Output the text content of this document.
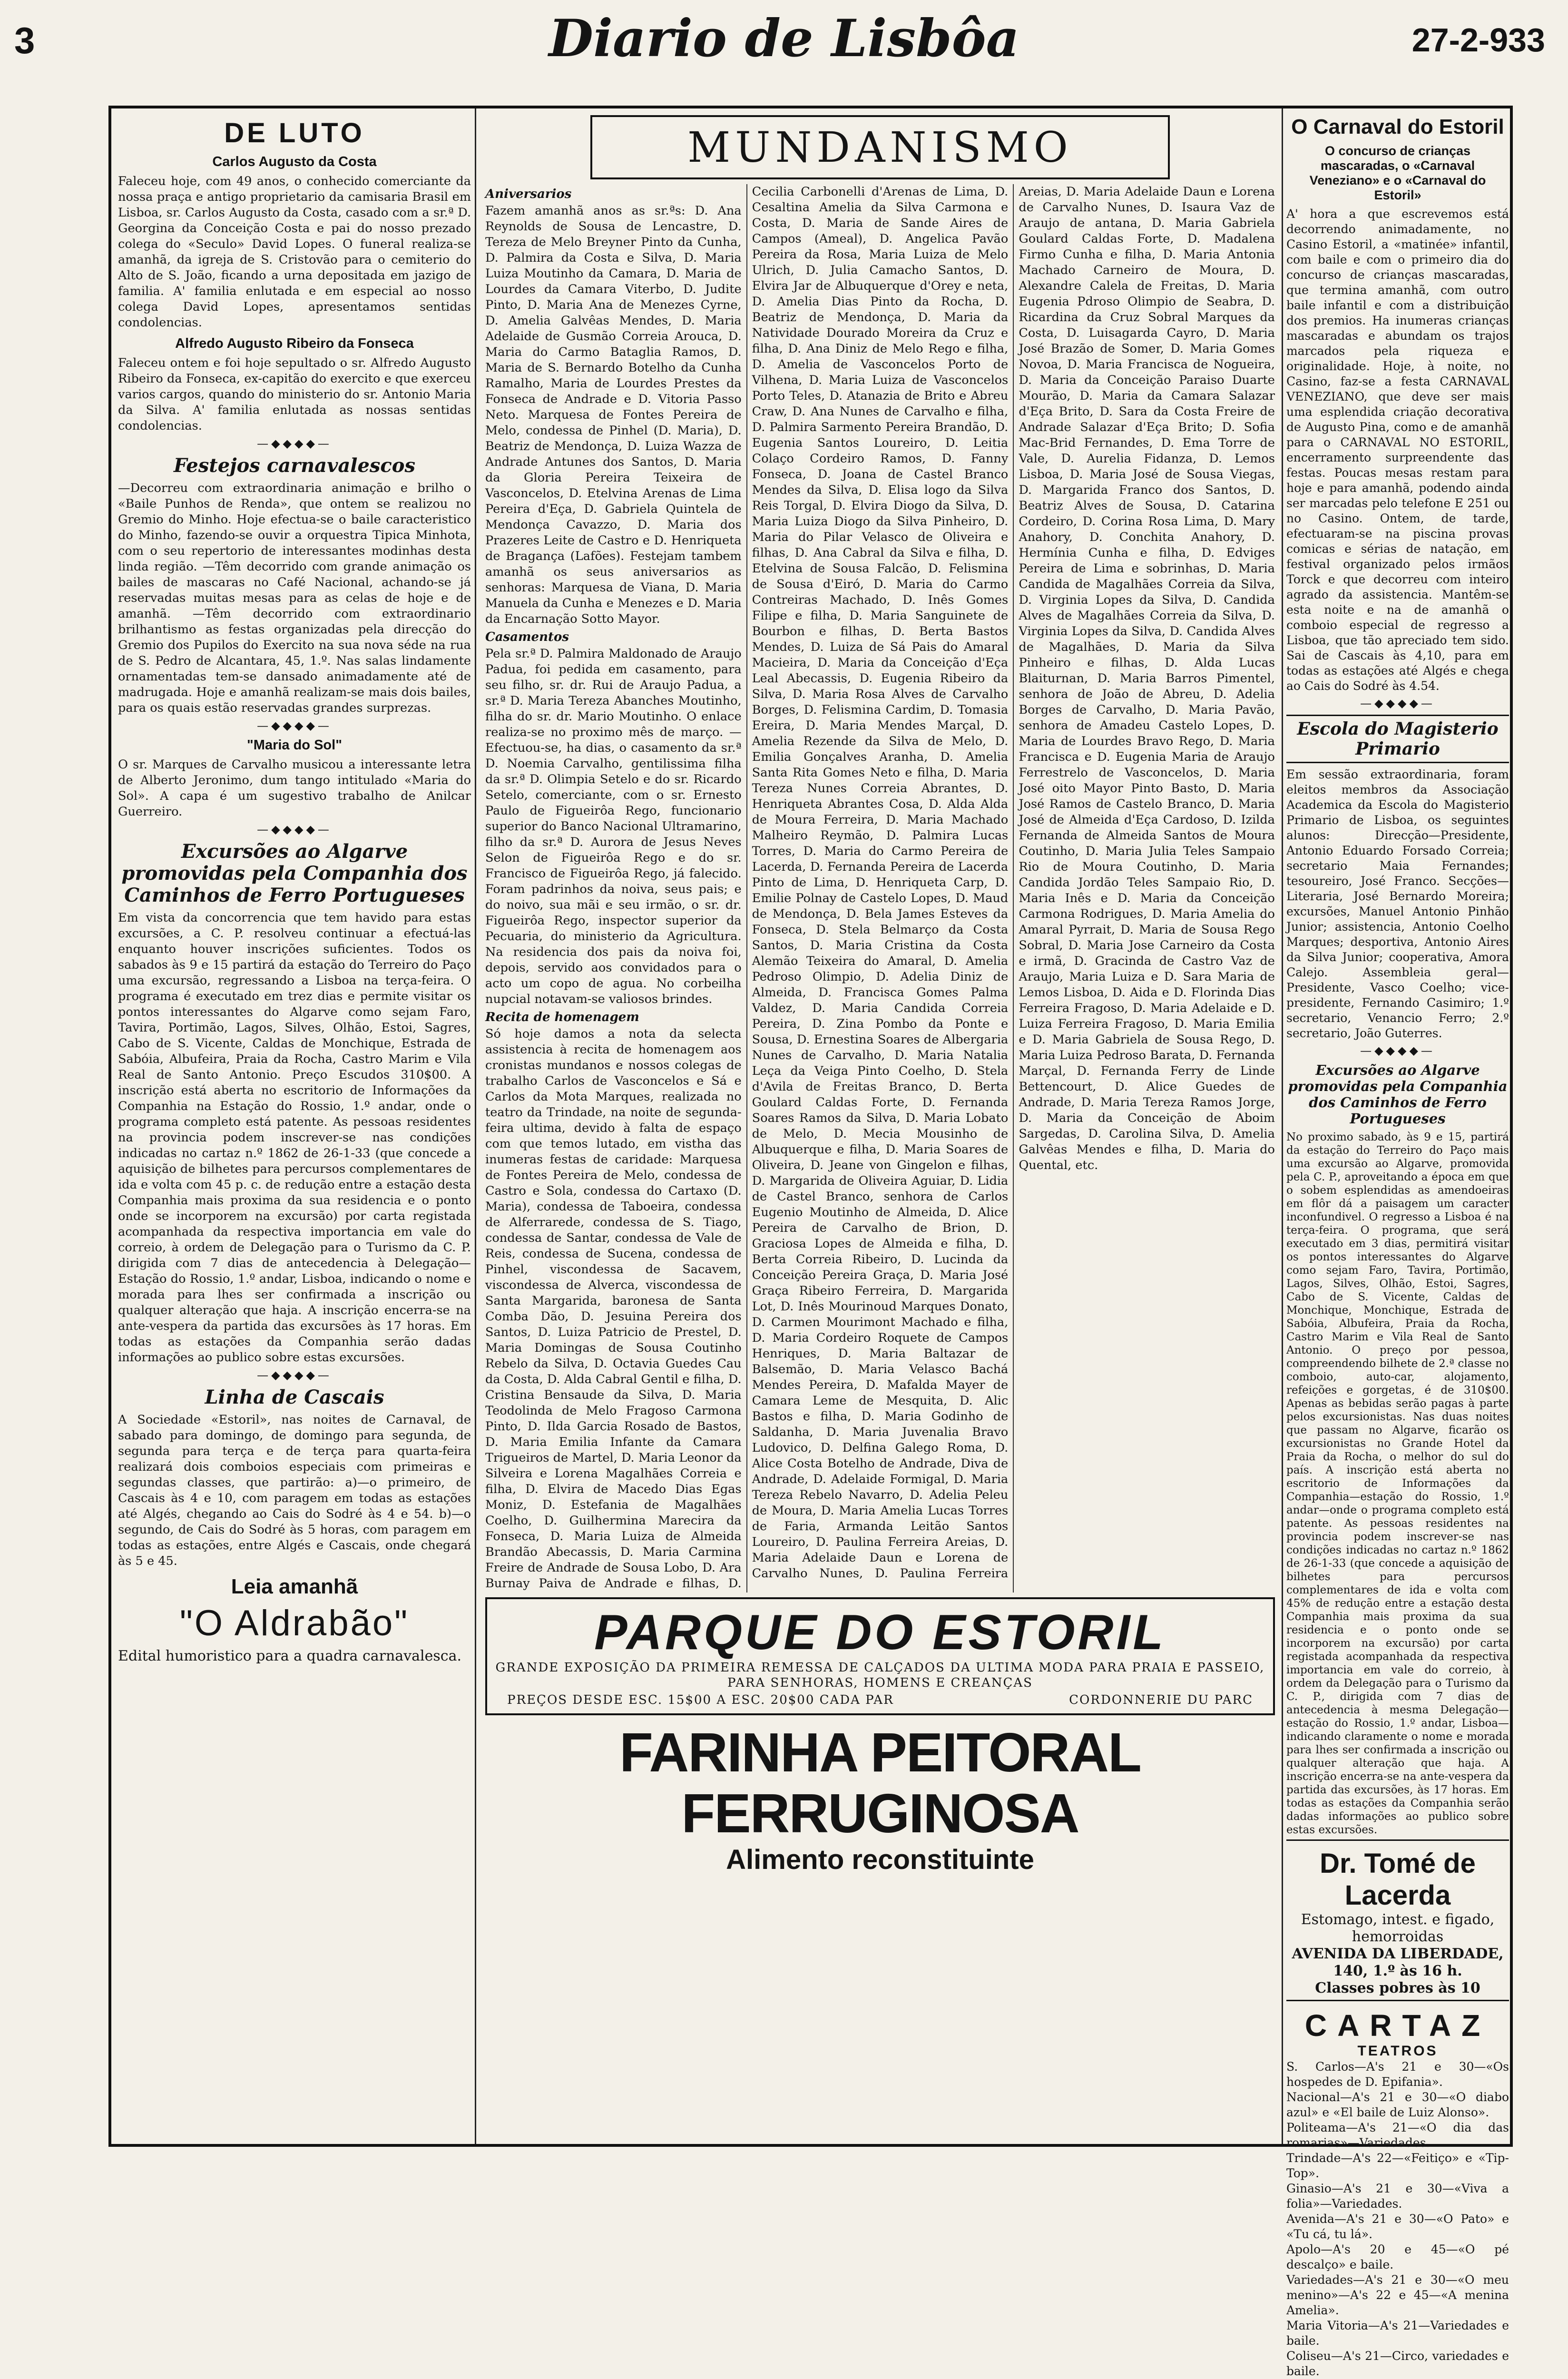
3	Diario de Lisbôa	27-2-933
DE LUTO
Carlos Augusto da Costa

Faleceu hoje, com 49 anos, o conhecido comerciante da nossa praça e antigo proprietario da camisaria Brasil em Lisboa, sr. Carlos Augusto da Costa, casado com a sr.ª D. Georgina da Conceição Costa e pai do nosso prezado colega do «Seculo» David Lopes. O funeral realiza-se amanhã, da igreja de S. Cristovão para o cemiterio do Alto de S. João, ficando a urna depositada em jazigo de familia. A' familia enlutada e em especial ao nosso colega David Lopes, apresentamos sentidas condolencias.

Alfredo Augusto Ribeiro da Fonseca

Faleceu ontem e foi hoje sepultado o sr. Alfredo Augusto Ribeiro da Fonseca, ex-capitão do exercito e que exerceu varios cargos, quando do ministerio do sr. Antonio Maria da Silva. A' familia enlutada as nossas sentidas condolencias.

—◆◆◆◆—
Festejos carnavalescos

—Decorreu com extraordinaria animação e brilho o «Baile Punhos de Renda», que ontem se realizou no Gremio do Minho. Hoje efectua-se o baile caracteristico do Minho, fazendo-se ouvir a orquestra Tipica Minhota, com o seu repertorio de interessantes modinhas desta linda região. —Têm decorrido com grande animação os bailes de mascaras no Café Nacional, achando-se já reservadas muitas mesas para as celas de hoje e de amanhã. —Têm decorrido com extraordinario brilhantismo as festas organizadas pela direcção do Gremio dos Pupilos do Exercito na sua nova séde na rua de S. Pedro de Alcantara, 45, 1.º. Nas salas lindamente ornamentadas tem-se dansado animadamente até de madrugada. Hoje e amanhã realizam-se mais dois bailes, para os quais estão reservadas grandes surprezas.

—◆◆◆◆—
"Maria do Sol"

O sr. Marques de Carvalho musicou a interessante letra de Alberto Jeronimo, dum tango intitulado «Maria do Sol». A capa é um sugestivo trabalho de Anilcar Guerreiro.

—◆◆◆◆—
Excursões ao Algarve promovidas pela Companhia dos Caminhos de Ferro Portugueses

Em vista da concorrencia que tem havido para estas excursões, a C. P. resolveu continuar a efectuá-las enquanto houver inscrições suficientes. Todos os sabados às 9 e 15 partirá da estação do Terreiro do Paço uma excursão, regressando a Lisboa na terça-feira. O programa é executado em trez dias e permite visitar os pontos interessantes do Algarve como sejam Faro, Tavira, Portimão, Lagos, Silves, Olhão, Estoi, Sagres, Cabo de S. Vicente, Caldas de Monchique, Estrada de Sabóia, Albufeira, Praia da Rocha, Castro Marim e Vila Real de Santo Antonio. Preço Escudos 310$00. A inscrição está aberta no escritorio de Informações da Companhia na Estação do Rossio, 1.º andar, onde o programa completo está patente. As pessoas residentes na provincia podem inscrever-se nas condições indicadas no cartaz n.º 1862 de 26-1-33 (que concede a aquisição de bilhetes para percursos complementares de ida e volta com 45 p. c. de redução entre a estação desta Companhia mais proxima da sua residencia e o ponto onde se incorporem na excursão) por carta registada acompanhada da respectiva importancia em vale do correio, à ordem de Delegação para o Turismo da C. P. dirigida com 7 dias de antecedencia à Delegação—Estação do Rossio, 1.º andar, Lisboa, indicando o nome e morada para lhes ser confirmada a inscrição ou qualquer alteração que haja. A inscrição encerra-se na ante-vespera da partida das excursões às 17 horas. Em todas as estações da Companhia serão dadas informações ao publico sobre estas excursões.

—◆◆◆◆—
Linha de Cascais

A Sociedade «Estoril», nas noites de Carnaval, de sabado para domingo, de domingo para segunda, de segunda para terça e de terça para quarta-feira realizará dois comboios especiais com primeiras e segundas classes, que partirão: a)—o primeiro, de Cascais às 4 e 10, com paragem em todas as estações até Algés, chegando ao Cais do Sodré às 4 e 54. b)—o segundo, de Cais do Sodré às 5 horas, com paragem em todas as estações, entre Algés e Cascais, onde chegará às 5 e 45.

Leia amanhã
"O Aldrabão"

Edital humoristico para a quadra carnavalesca.

MUNDANISMO
Aniversarios

Fazem amanhã anos as sr.ªs: D. Ana Reynolds de Sousa de Lencastre, D. Tereza de Melo Breyner Pinto da Cunha, D. Palmira da Costa e Silva, D. Maria Luiza Moutinho da Camara, D. Maria de Lourdes da Camara Viterbo, D. Judite Pinto, D. Maria Ana de Menezes Cyrne, D. Amelia Galvêas Mendes, D. Maria Adelaide de Gusmão Correia Arouca, D. Maria do Carmo Bataglia Ramos, D. Maria de S. Bernardo Botelho da Cunha Ramalho, Maria de Lourdes Prestes da Fonseca de Andrade e D. Vitoria Passo Neto. Marquesa de Fontes Pereira de Melo, condessa de Pinhel (D. Maria), D. Beatriz de Mendonça, D. Luiza Wazza de Andrade Antunes dos Santos, D. Maria da Gloria Pereira Teixeira de Vasconcelos, D. Etelvina Arenas de Lima Pereira d'Eça, D. Gabriela Quintela de Mendonça Cavazzo, D. Maria dos Prazeres Leite de Castro e D. Henriqueta de Bragança (Lafões). Festejam tambem amanhã os seus aniversarios as senhoras: Marquesa de Viana, D. Maria Manuela da Cunha e Menezes e D. Maria da Encarnação Sotto Mayor.

Casamentos

Pela sr.ª D. Palmira Maldonado de Araujo Padua, foi pedida em casamento, para seu filho, sr. dr. Rui de Araujo Padua, a sr.ª D. Maria Tereza Abanches Moutinho, filha do sr. dr. Mario Moutinho. O enlace realiza-se no proximo mês de março. —Efectuou-se, ha dias, o casamento da sr.ª D. Noemia Carvalho, gentilissima filha da sr.ª D. Olimpia Setelo e do sr. Ricardo Setelo, comerciante, com o sr. Ernesto Paulo de Figueirôa Rego, funcionario superior do Banco Nacional Ultramarino, filho da sr.ª D. Aurora de Jesus Neves Selon de Figueirôa Rego e do sr. Francisco de Figueirôa Rego, já falecido. Foram padrinhos da noiva, seus pais; e do noivo, sua mãi e seu irmão, o sr. dr. Figueirôa Rego, inspector superior da Pecuaria, do ministerio da Agricultura. Na residencia dos pais da noiva foi, depois, servido aos convidados para o acto um copo de agua. No corbeilha nupcial notavam-se valiosos brindes.

Recita de homenagem

Só hoje damos a nota da selecta assistencia à recita de homenagem aos cronistas mundanos e nossos colegas de trabalho Carlos de Vasconcelos e Sá e Carlos da Mota Marques, realizada no teatro da Trindade, na noite de segunda-feira ultima, devido à falta de espaço com que temos lutado, em vistha das inumeras festas de caridade: Marquesa de Fontes Pereira de Melo, condessa de Castro e Sola, condessa do Cartaxo (D. Maria), condessa de Taboeira, condessa de Alferrarede, condessa de S. Tiago, condessa de Santar, condessa de Vale de Reis, condessa de Sucena, condessa de Pinhel, viscondessa de Sacavem, viscondessa de Alverca, viscondessa de Santa Margarida, baronesa de Santa Comba Dão, D. Jesuina Pereira dos Santos, D. Luiza Patricio de Prestel, D. Maria Domingas de Sousa Coutinho Rebelo da Silva, D. Octavia Guedes Cau da Costa, D. Alda Cabral Gentil e filha, D. Cristina Bensaude da Silva, D. Maria Teodolinda de Melo Fragoso Carmona Pinto, D. Ilda Garcia Rosado de Bastos, D. Maria Emilia Infante da Camara Trigueiros de Martel, D. Maria Leonor da Silveira e Lorena Magalhães Correia e filha, D. Elvira de Macedo Dias Egas Moniz, D. Estefania de Magalhães Coelho, D. Guilhermina Marecira da Fonseca, D. Maria Luiza de Almeida Brandão Abecassis, D. Maria Carmina Freire de Andrade de Sousa Lobo, D. Ara Burnay Paiva de Andrade e filhas, D. Cecilia Carbonelli d'Arenas de Lima, D. Cesaltina Amelia da Silva Carmona e Costa, D. Maria de Sande Aires de Campos (Ameal), D. Angelica Pavão Pereira da Rosa, Maria Luiza de Melo Ulrich, D. Julia Camacho Santos, D. Elvira Jar de Albuquerque d'Orey e neta, D. Amelia Dias Pinto da Rocha, D. Beatriz de Mendonça, D. Maria da Natividade Dourado Moreira da Cruz e filha, D. Ana Diniz de Melo Rego e filha, D. Amelia de Vasconcelos Porto de Vilhena, D. Maria Luiza de Vasconcelos Porto Teles, D. Atanazia de Brito e Abreu Craw, D. Ana Nunes de Carvalho e filha, D. Palmira Sarmento Pereira Brandão, D. Eugenia Santos Loureiro, D. Leitia Colaço Cordeiro Ramos, D. Fanny Fonseca, D. Joana de Castel Branco Mendes da Silva, D. Elisa logo da Silva Reis Torgal, D. Elvira Diogo da Silva, D. Maria Luiza Diogo da Silva Pinheiro, D. Maria do Pilar Velasco de Oliveira e filhas, D. Ana Cabral da Silva e filha, D. Etelvina de Sousa Falcão, D. Felismina de Sousa d'Eiró, D. Maria do Carmo Contreiras Machado, D. Inês Gomes Filipe e filha, D. Maria Sanguinete de Bourbon e filhas, D. Berta Bastos Mendes, D. Luiza de Sá Pais do Amaral Macieira, D. Maria da Conceição d'Eça Leal Abecassis, D. Eugenia Ribeiro da Silva, D. Maria Rosa Alves de Carvalho Borges, D. Felismina Cardim, D. Tomasia Ereira, D. Maria Mendes Marçal, D. Amelia Rezende da Silva de Melo, D. Emilia Gonçalves Aranha, D. Amelia Santa Rita Gomes Neto e filha, D. Maria Tereza Nunes Correia Abrantes, D. Henriqueta Abrantes Cosa, D. Alda Alda de Moura Ferreira, D. Maria Machado Malheiro Reymão, D. Palmira Lucas Torres, D. Maria do Carmo Pereira de Lacerda, D. Fernanda Pereira de Lacerda Pinto de Lima, D. Henriqueta Carp, D. Emilie Polnay de Castelo Lopes, D. Maud de Mendonça, D. Bela James Esteves da Fonseca, D. Stela Belmarço da Costa Santos, D. Maria Cristina da Costa Alemão Teixeira do Amaral, D. Amelia Pedroso Olimpio, D. Adelia Diniz de Almeida, D. Francisca Gomes Palma Valdez, D. Maria Candida Correia Pereira, D. Zina Pombo da Ponte e Sousa, D. Ernestina Soares de Albergaria Nunes de Carvalho, D. Maria Natalia Leça da Veiga Pinto Coelho, D. Stela d'Avila de Freitas Branco, D. Berta Goulard Caldas Forte, D. Fernanda Soares Ramos da Silva, D. Maria Lobato de Melo, D. Mecia Mousinho de Albuquerque e filha, D. Maria Soares de Oliveira, D. Jeane von Gingelon e filhas, D. Margarida de Oliveira Aguiar, D. Lidia de Castel Branco, senhora de Carlos Eugenio Moutinho de Almeida, D. Alice Pereira de Carvalho de Brion, D. Graciosa Lopes de Almeida e filha, D. Berta Correia Ribeiro, D. Lucinda da Conceição Pereira Graça, D. Maria José Graça Ribeiro Ferreira, D. Margarida Lot, D. Inês Mourinoud Marques Donato, D. Carmen Mourimont Machado e filha, D. Maria Cordeiro Roquete de Campos Henriques, D. Maria Baltazar de Balsemão, D. Maria Velasco Bachá Mendes Pereira, D. Mafalda Mayer de Camara Leme de Mesquita, D. Alic Bastos e filha, D. Maria Godinho de Saldanha, D. Maria Juvenalia Bravo Ludovico, D. Delfina Galego Roma, D. Alice Costa Botelho de Andrade, Diva de Andrade, D. Adelaide Formigal, D. Maria Tereza Rebelo Navarro, D. Adelia Peleu de Moura, D. Maria Amelia Lucas Torres de Faria, Armanda Leitão Santos Loureiro, D. Paulina Ferreira Areias, D. Maria Adelaide Daun e Lorena de Carvalho Nunes, D. Paulina Ferreira Areias, D. Maria Adelaide Daun e Lorena de Carvalho Nunes, D. Isaura Vaz de Araujo de antana, D. Maria Gabriela Goulard Caldas Forte, D. Madalena Firmo Cunha e filha, D. Maria Antonia Machado Carneiro de Moura, D. Alexandre Calela de Freitas, D. Maria Eugenia Pdroso Olimpio de Seabra, D. Ricardina da Cruz Sobral Marques da Costa, D. Luisagarda Cayro, D. Maria José Brazão de Somer, D. Maria Gomes Novoa, D. Maria Francisca de Nogueira, D. Maria da Conceição Paraiso Duarte Mourão, D. Maria da Camara Salazar d'Eça Brito, D. Sara da Costa Freire de Andrade Salazar d'Eça Brito; D. Sofia Mac-Brid Fernandes, D. Ema Torre de Vale, D. Aurelia Fidanza, D. Lemos Lisboa, D. Maria José de Sousa Viegas, D. Margarida Franco dos Santos, D. Beatriz Alves de Sousa, D. Catarina Cordeiro, D. Corina Rosa Lima, D. Mary Anahory, D. Conchita Anahory, D. Hermínia Cunha e filha, D. Edviges Pereira de Lima e sobrinhas, D. Maria Candida de Magalhães Correia da Silva, D. Virginia Lopes da Silva, D. Candida Alves de Magalhães Correia da Silva, D. Virginia Lopes da Silva, D. Candida Alves de Magalhães, D. Maria da Silva Pinheiro e filhas, D. Alda Lucas Blaiturnan, D. Maria Barros Pimentel, senhora de João de Abreu, D. Adelia Borges de Carvalho, D. Maria Pavão, senhora de Amadeu Castelo Lopes, D. Maria de Lourdes Bravo Rego, D. Maria Francisca e D. Eugenia Maria de Araujo Ferrestrelo de Vasconcelos, D. Maria José oito Mayor Pinto Basto, D. Maria José Ramos de Castelo Branco, D. Maria José de Almeida d'Eça Cardoso, D. Izilda Fernanda de Almeida Santos de Moura Coutinho, D. Maria Julia Teles Sampaio Rio de Moura Coutinho, D. Maria Candida Jordão Teles Sampaio Rio, D. Maria Inês e D. Maria da Conceição Carmona Rodrigues, D. Maria Amelia do Amaral Pyrrait, D. Maria de Sousa Rego Sobral, D. Maria Jose Carneiro da Costa e irmã, D. Gracinda de Castro Vaz de Araujo, Maria Luiza e D. Sara Maria de Lemos Lisboa, D. Aida e D. Florinda Dias Ferreira Fragoso, D. Maria Adelaide e D. Luiza Ferreira Fragoso, D. Maria Emilia e D. Maria Gabriela de Sousa Rego, D. Maria Luiza Pedroso Barata, D. Fernanda Marçal, D. Fernanda Ferry de Linde Bettencourt, D. Alice Guedes de Andrade, D. Maria Tereza Ramos Jorge, D. Maria da Conceição de Aboim Sargedas, D. Carolina Silva, D. Amelia Galvêas Mendes e filha, D. Maria do Quental, etc.

PARQUE DO ESTORIL
GRANDE EXPOSIÇÃO DA PRIMEIRA REMESSA DE CALÇADOS DA ULTIMA MODA PARA PRAIA E PASSEIO, PARA SENHORAS, HOMENS E CREANÇAS
PREÇOS DESDE ESC. 15$00 A ESC. 20$00 CADA PAR	CORDONNERIE DU PARC
FARINHA PEITORAL FERRUGINOSA
Alimento reconstituinte
O Carnaval do Estoril
O concurso de crianças mascaradas, o «Carnaval Veneziano» e o «Carnaval do Estoril»

A' hora a que escrevemos está decorrendo animadamente, no Casino Estoril, a «matinée» infantil, com baile e com o primeiro dia do concurso de crianças mascaradas, que termina amanhã, com outro baile infantil e com a distribuição dos premios. Ha inumeras crianças mascaradas e abundam os trajos marcados pela riqueza e originalidade. Hoje, à noite, no Casino, faz-se a festa CARNAVAL VENEZIANO, que deve ser mais uma esplendida criação decorativa de Augusto Pina, como e de amanhã para o CARNAVAL NO ESTORIL, encerramento surpreendente das festas. Poucas mesas restam para hoje e para amanhã, podendo ainda ser marcadas pelo telefone E 251 ou no Casino. Ontem, de tarde, efectuaram-se na piscina provas comicas e sérias de natação, em festival organizado pelos irmãos Torck e que decorreu com inteiro agrado da assistencia. Mantêm-se esta noite e na de amanhã o comboio especial de regresso a Lisboa, que tão apreciado tem sido. Sai de Cascais às 4,10, para em todas as estações até Algés e chega ao Cais do Sodré às 4.54.

—◆◆◆◆—
Escola do Magisterio Primario

Em sessão extraordinaria, foram eleitos membros da Associação Academica da Escola do Magisterio Primario de Lisboa, os seguintes alunos: Direcção—Presidente, Antonio Eduardo Forsado Correia; secretario Maia Fernandes; tesoureiro, José Franco. Secções—Literaria, José Bernardo Moreira; excursões, Manuel Antonio Pinhão Junior; assistencia, Antonio Coelho Marques; desportiva, Antonio Aires da Silva Junior; cooperativa, Amora Calejo. Assembleia geral—Presidente, Vasco Coelho; vice-presidente, Fernando Casimiro; 1.º secretario, Venancio Ferro; 2.º secretario, João Guterres.

—◆◆◆◆—
Excursões ao Algarve promovidas pela Companhia dos Caminhos de Ferro Portugueses

No proximo sabado, às 9 e 15, partirá da estação do Terreiro do Paço mais uma excursão ao Algarve, promovida pela C. P., aproveitando a época em que o sobem esplendidas as amendoeiras em flôr dá a paisagem um caracter inconfundivel. O regresso a Lisboa é na terça-feira. O programa, que será executado em 3 dias, permitirá visitar os pontos interessantes do Algarve como sejam Faro, Tavira, Portimão, Lagos, Silves, Olhão, Estoi, Sagres, Cabo de S. Vicente, Caldas de Monchique, Monchique, Estrada de Sabóia, Albufeira, Praia da Rocha, Castro Marim e Vila Real de Santo Antonio. O preço por pessoa, compreendendo bilhete de 2.ª classe no comboio, auto-car, alojamento, refeições e gorgetas, é de 310$00. Apenas as bebidas serão pagas à parte pelos excursionistas. Nas duas noites que passam no Algarve, ficarão os excursionistas no Grande Hotel da Praia da Rocha, o melhor do sul do país. A inscrição está aberta no escritorio de Informações da Companhia—estação do Rossio, 1.º andar—onde o programa completo está patente. As pessoas residentes na provincia podem inscrever-se nas condições indicadas no cartaz n.º 1862 de 26-1-33 (que concede a aquisição de bilhetes para percursos complementares de ida e volta com 45% de redução entre a estação desta Companhia mais proxima da sua residencia e o ponto onde se incorporem na excursão) por carta registada acompanhada da respectiva importancia em vale do correio, à ordem da Delegação para o Turismo da C. P., dirigida com 7 dias de antecedencia à mesma Delegação—estação do Rossio, 1.º andar, Lisboa—indicando claramente o nome e morada para lhes ser confirmada a inscrição ou qualquer alteração que haja. A inscrição encerra-se na ante-vespera da partida das excursões, às 17 horas. Em todas as estações da Companhia serão dadas informações ao publico sobre estas excursões.

Dr. Tomé de Lacerda
Estomago, intest. e figado, hemorroidas
AVENIDA DA LIBERDADE, 140, 1.º às 16 h.
Classes pobres às 10
CARTAZ
TEATROS
S. Carlos—A's 21 e 30—«Os hospedes de D. Epifania».
Nacional—A's 21 e 30—«O diabo azul» e «El baile de Luiz Alonso».
Politeama—A's 21—«O dia das romarias»—Variedades.
Trindade—A's 22—«Feitiço» e «Tip-Top».
Ginasio—A's 21 e 30—«Viva a folia»—Variedades.
Avenida—A's 21 e 30—«O Pato» e «Tu cá, tu lá».
Apolo—A's 20 e 45—«O pé descalço» e baile.
Variedades—A's 21 e 30—«O meu menino»—A's 22 e 45—«A menina Amelia».
Maria Vitoria—A's 21—Variedades e baile.
Coliseu—A's 21—Circo, variedades e baile.
